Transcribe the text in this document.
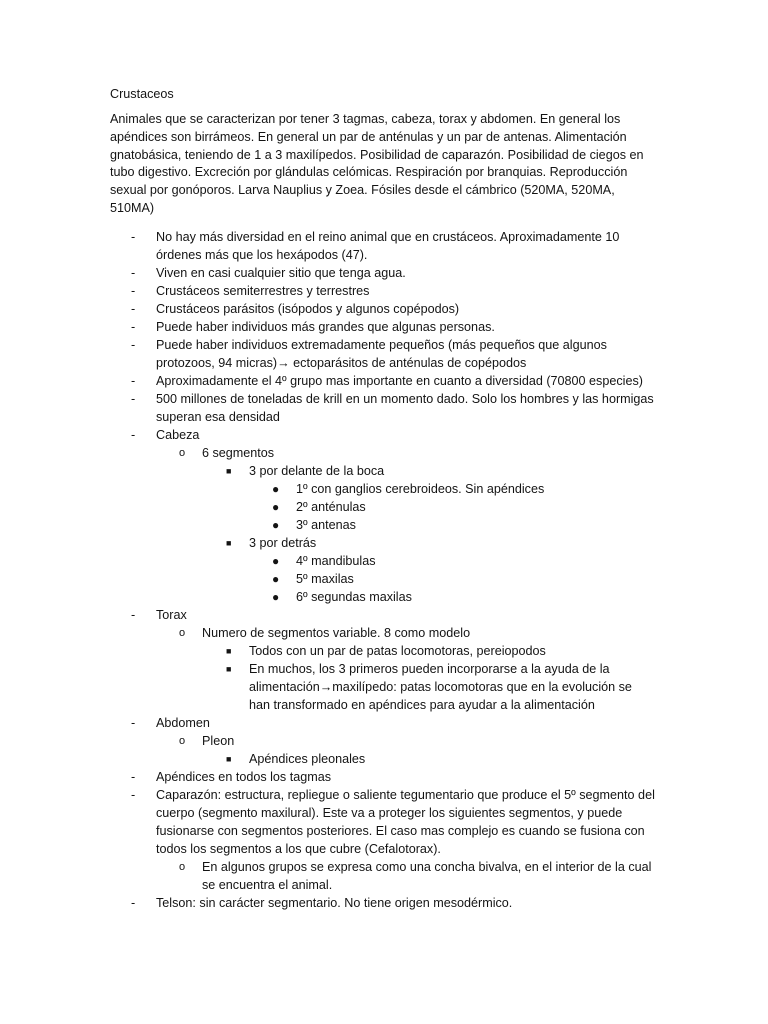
Crustaceos

Animales que se caracterizan por tener 3 tagmas, cabeza, torax y abdomen. En general los apéndices son birrámeos. En general un par de anténulas y un par de antenas. Alimentación gnatobásica, teniendo de 1 a 3 maxilípedos. Posibilidad de caparazón. Posibilidad de ciegos en tubo digestivo. Excreción por glándulas celómicas. Respiración por branquias. Reproducción sexual por gonóporos. Larva Nauplius y Zoea. Fósiles desde el cámbrico (520MA, 520MA, 510MA)

- No hay más diversidad en el reino animal que en crustáceos. Aproximadamente 10 órdenes más que los hexápodos (47).
- Viven en casi cualquier sitio que tenga agua.
- Crustáceos semiterrestres y terrestres
- Crustáceos parásitos (isópodos y algunos copépodos)
- Puede haber individuos más grandes que algunas personas.
- Puede haber individuos extremadamente pequeños (más pequeños que algunos protozoos, 94 micras)→ ectoparásitos de anténulas de copépodos
- Aproximadamente el 4º grupo mas importante en cuanto a diversidad (70800 especies)
- 500 millones de toneladas de krill en un momento dado. Solo los hombres y las hormigas superan esa densidad
- Cabeza
o 6 segmentos
■ 3 por delante de la boca
● 1º con ganglios cerebroideos. Sin apéndices
● 2º anténulas
● 3º antenas
■ 3 por detrás
● 4º mandibulas
● 5º maxilas
● 6º segundas maxilas
- Torax
o Numero de segmentos variable. 8 como modelo
■ Todos con un par de patas locomotoras, pereiopodos
■ En muchos, los 3 primeros pueden incorporarse a la ayuda de la alimentación→maxilípedo: patas locomotoras que en la evolución se han transformado en apéndices para ayudar a la alimentación
- Abdomen
o Pleon
■ Apéndices pleonales
- Apéndices en todos los tagmas
- Caparazón: estructura, repliegue o saliente tegumentario que produce el 5º segmento del cuerpo (segmento maxilural). Este va a proteger los siguientes segmentos, y puede fusionarse con segmentos posteriores. El caso mas complejo es cuando se fusiona con todos los segmentos a los que cubre (Cefalotorax).
o En algunos grupos se expresa como una concha bivalva, en el interior de la cual se encuentra el animal.
- Telson: sin carácter segmentario. No tiene origen mesodérmico.
